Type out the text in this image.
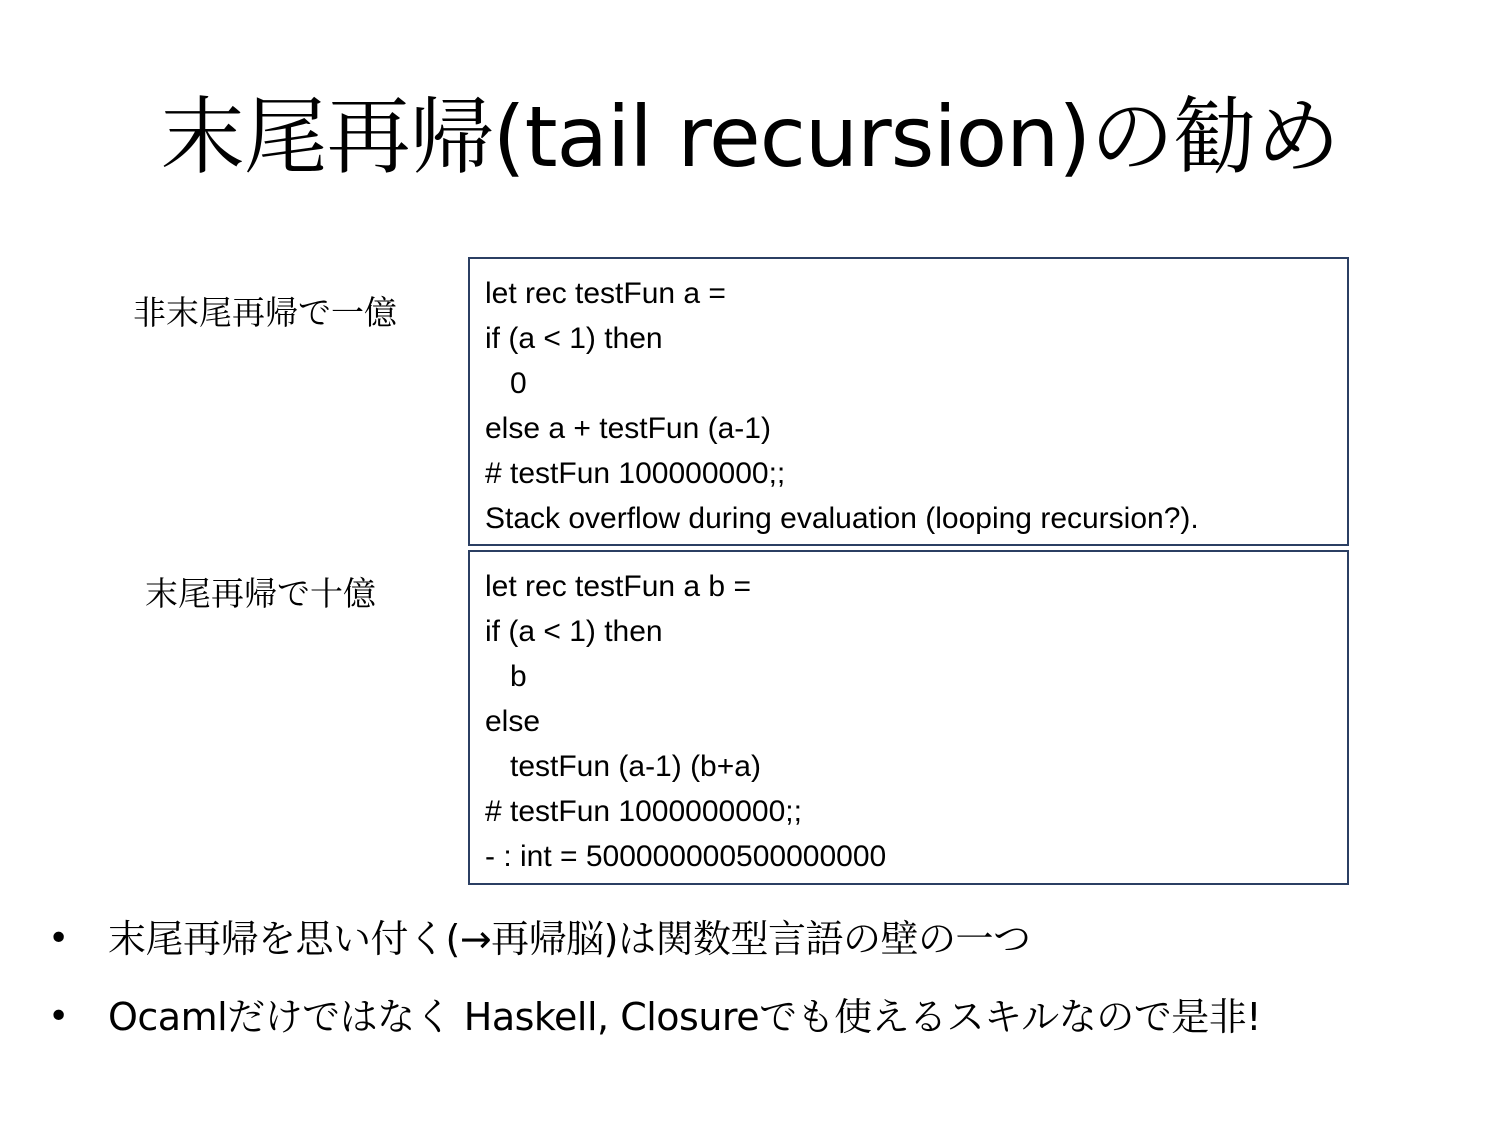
末尾再帰(tail recursion)の勧め
非末尾再帰で一億
末尾再帰で十億
let rec testFun a =
if (a < 1) then
0
else a + testFun (a-1)
# testFun 100000000;;
Stack overflow during evaluation (looping recursion?).
let rec testFun a b =
if (a < 1) then
b
else
testFun (a-1) (b+a)
# testFun 1000000000;;
- : int = 500000000500000000
• 末尾再帰を思い付く(→再帰脳)は関数型言語の壁の一つ
• Ocamlだけではなく Haskell, Closureでも使えるスキルなので是非!
